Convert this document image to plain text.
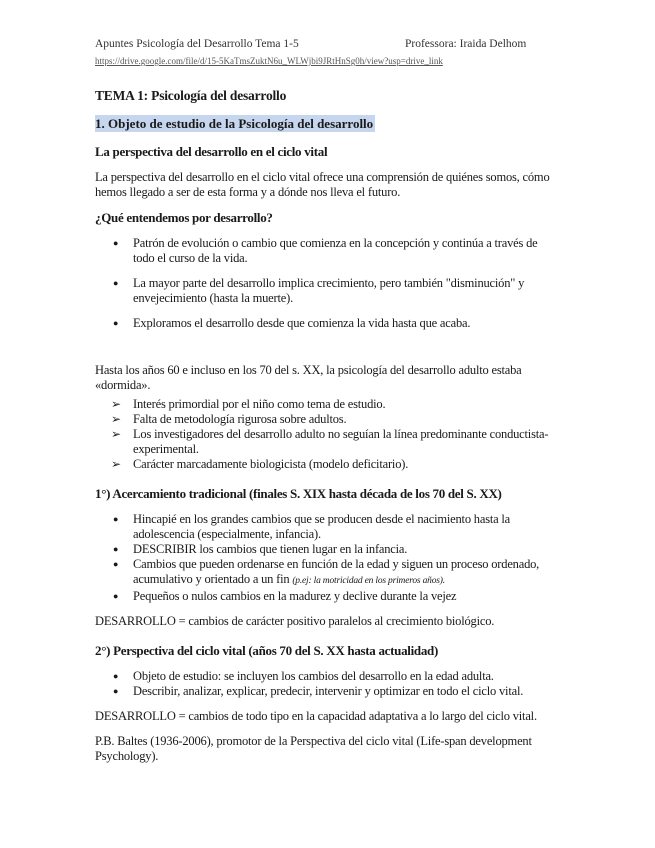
Apuntes Psicología del Desarrollo Tema 1-5	Professora: Iraida Delhom
https://drive.google.com/file/d/15-5KaTmsZuktN6u_WLWjbi9JRtHnSg0h/view?usp=drive_link
TEMA 1: Psicología del desarrollo
1. Objeto de estudio de la Psicología del desarrollo
La perspectiva del desarrollo en el ciclo vital

La perspectiva del desarrollo en el ciclo vital ofrece una comprensión de quiénes somos, cómo hemos llegado a ser de esta forma y a dónde nos lleva el futuro.

¿Qué entendemos por desarrollo?
● Patrón de evolución o cambio que comienza en la concepción y continúa a través de todo el curso de la vida.
● La mayor parte del desarrollo implica crecimiento, pero también "disminución" y envejecimiento (hasta la muerte).
● Exploramos el desarrollo desde que comienza la vida hasta que acaba.

Hasta los años 60 e incluso en los 70 del s. XX, la psicología del desarrollo adulto estaba «dormida».

➢ Interés primordial por el niño como tema de estudio.
➢ Falta de metodología rigurosa sobre adultos.
➢ Los investigadores del desarrollo adulto no seguían la línea predominante conductista-experimental.
➢ Carácter marcadamente biologicista (modelo deficitario).
1°) Acercamiento tradicional (finales S. XIX hasta década de los 70 del S. XX)
● Hincapié en los grandes cambios que se producen desde el nacimiento hasta la adolescencia (especialmente, infancia).
● DESCRIBIR los cambios que tienen lugar en la infancia.
● Cambios que pueden ordenarse en función de la edad y siguen un proceso ordenado, acumulativo y orientado a un fin (p.ej: la motricidad en los primeros años).
● Pequeños o nulos cambios en la madurez y declive durante la vejez

DESARROLLO = cambios de carácter positivo paralelos al crecimiento biológico.

2°) Perspectiva del ciclo vital (años 70 del S. XX hasta actualidad)
● Objeto de estudio: se incluyen los cambios del desarrollo en la edad adulta.
● Describir, analizar, explicar, predecir, intervenir y optimizar en todo el ciclo vital.

DESARROLLO = cambios de todo tipo en la capacidad adaptativa a lo largo del ciclo vital.

P.B. Baltes (1936-2006), promotor de la Perspectiva del ciclo vital (Life-span development Psychology).
